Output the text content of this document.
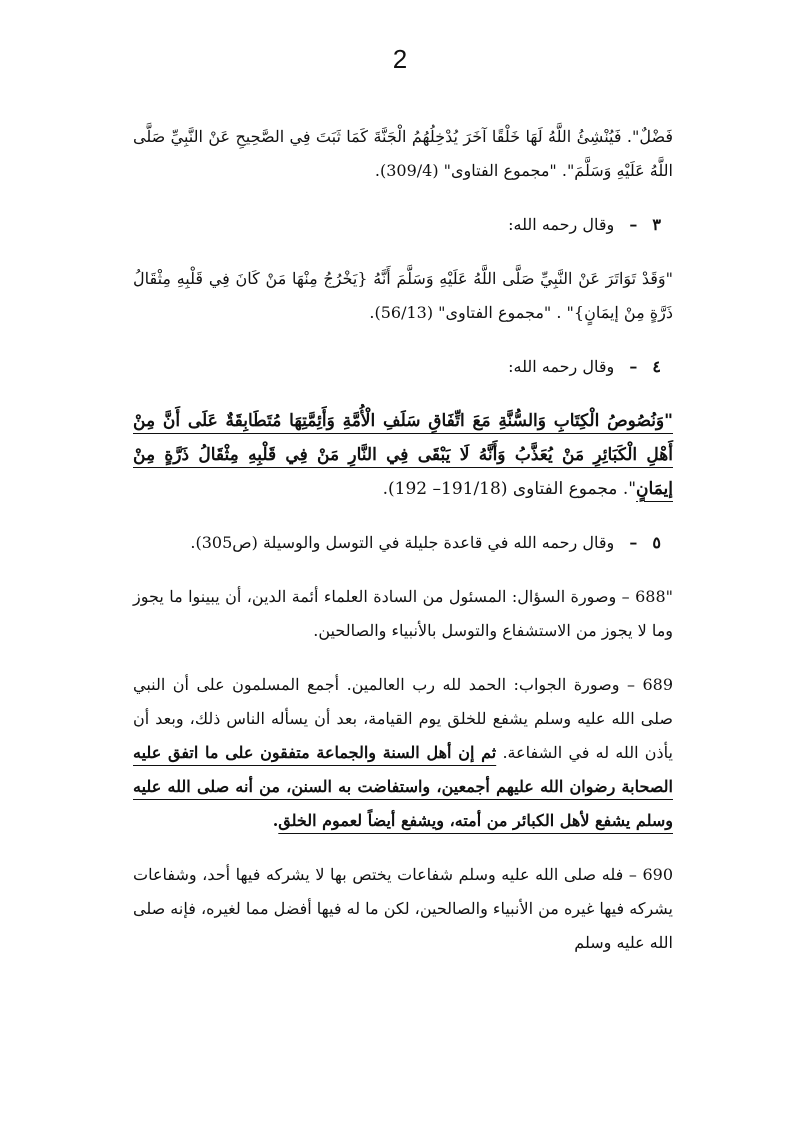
2

فَضْلٌ". فَيُنْشِئُ اللَّهُ لَهَا خَلْقًا آخَرَ يُدْخِلُهُمُ الْجَنَّةَ كَمَا ثَبَتَ فِي الصَّحِيحِ عَنْ النَّبِيِّ صَلَّى اللَّهُ عَلَيْهِ وَسَلَّمَ". "مجموع الفتاوى" (309/4).

٣ – وقال رحمه الله:

"وَقَدْ تَوَاتَرَ عَنْ النَّبِيِّ صَلَّى اللَّهُ عَلَيْهِ وَسَلَّمَ أَنَّهُ {يَخْرُجُ مِنْهَا مَنْ كَانَ فِي قَلْبِهِ مِثْقَالُ ذَرَّةٍ مِنْ إيمَانٍ}" . "مجموع الفتاوى" (56/13).

٤ – وقال رحمه الله:

"وَنُصُوصُ الْكِتَابِ وَالسُّنَّةِ مَعَ اتِّفَاقِ سَلَفِ الْأُمَّةِ وَأَئِمَّتِهَا مُتَطَابِقَةٌ عَلَى أَنَّ مِنْ أَهْلِ الْكَبَائِرِ مَنْ يُعَذَّبُ وَأَنَّهُ لَا يَبْقَى فِي النَّارِ مَنْ فِي قَلْبِهِ مِثْقَالُ ذَرَّةٍ مِنْ إيمَانٍ". مجموع الفتاوى (191/18– 192).

٥ – وقال رحمه الله في قاعدة جليلة في التوسل والوسيلة (ص305).

"688 – وصورة السؤال: المسئول من السادة العلماء أئمة الدين، أن يبينوا ما يجوز وما لا يجوز من الاستشفاع والتوسل بالأنبياء والصالحين.

689 – وصورة الجواب: الحمد لله رب العالمين. أجمع المسلمون على أن النبي صلى الله عليه وسلم يشفع للخلق يوم القيامة، بعد أن يسأله الناس ذلك، وبعد أن يأذن الله له في الشفاعة. ثم إن أهل السنة والجماعة متفقون على ما اتفق عليه الصحابة رضوان الله عليهم أجمعين، واستفاضت به السنن، من أنه صلى الله عليه وسلم يشفع لأهل الكبائر من أمته، ويشفع أيضاً لعموم الخلق.

690 – فله صلى الله عليه وسلم شفاعات يختص بها لا يشركه فيها أحد، وشفاعات يشركه فيها غيره من الأنبياء والصالحين، لكن ما له فيها أفضل مما لغيره، فإنه صلى الله عليه وسلم
